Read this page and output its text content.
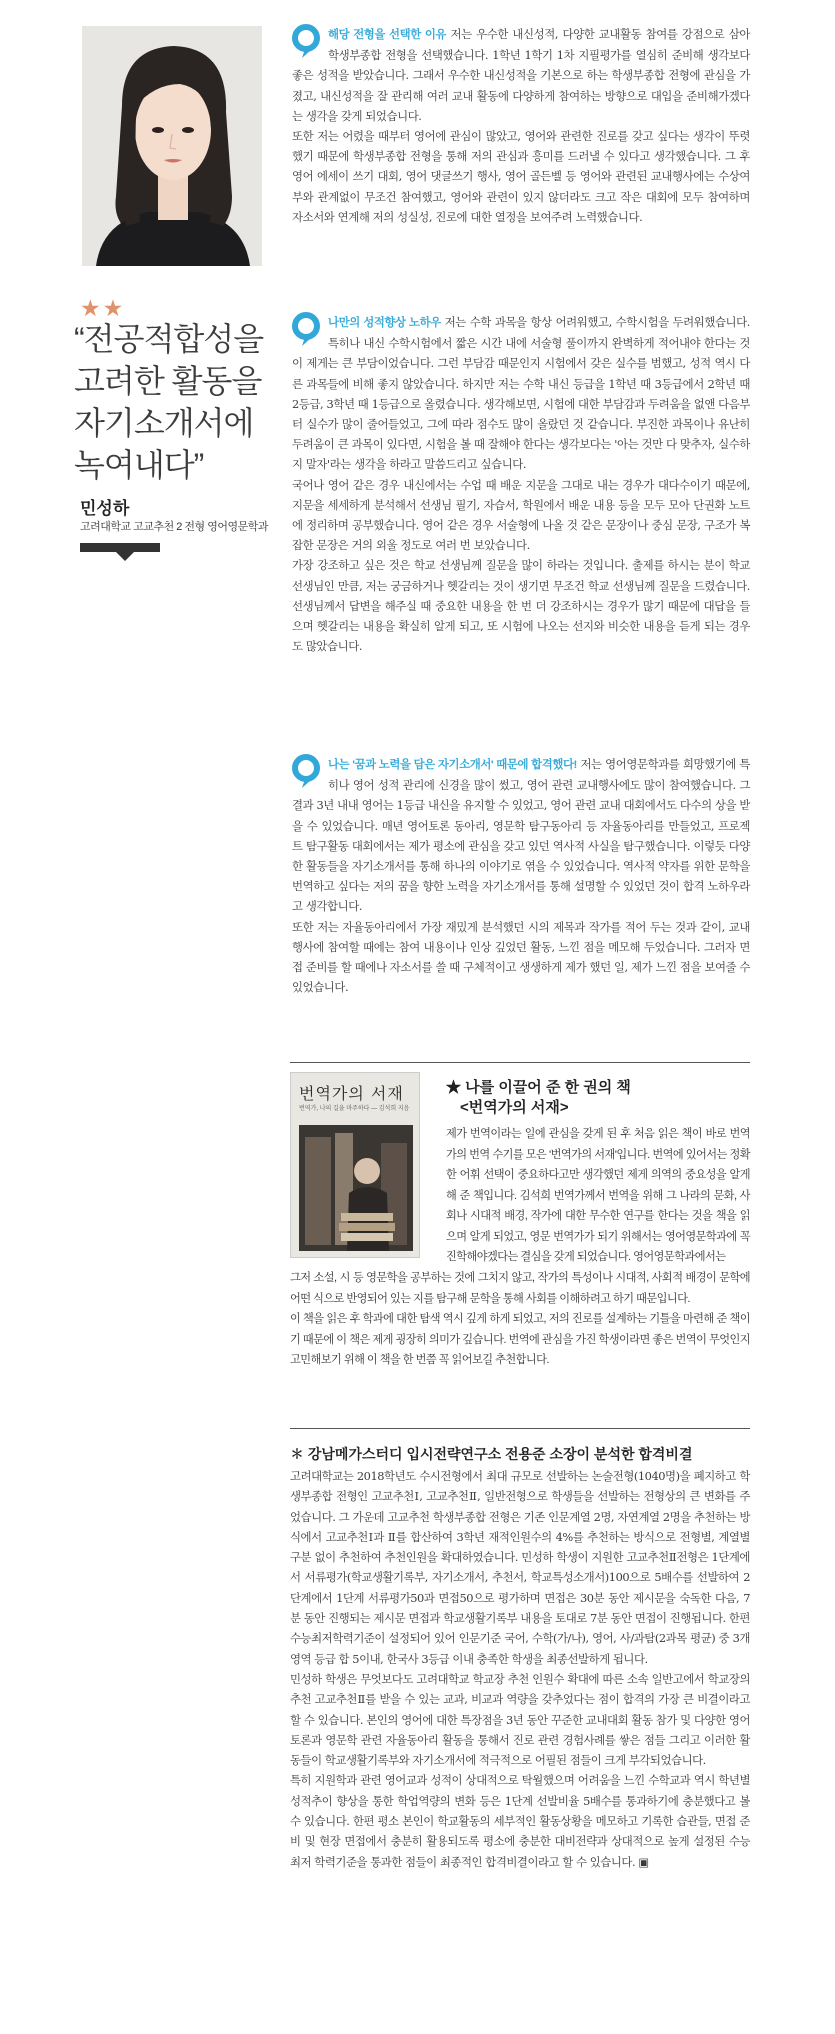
★★
“전공적합성을 고려한 활동을 자기소개서에 녹여내다”
민성하
고려대학교 고교추천 2 전형 영어영문학과

해당 전형을 선택한 이유 저는 우수한 내신성적, 다양한 교내활동 참여를 강점으로 삼아 학생부종합 전형을 선택했습니다. 1학년 1학기 1차 지필평가를 열심히 준비해 생각보다 좋은 성적을 받았습니다. 그래서 우수한 내신성적을 기본으로 하는 학생부종합 전형에 관심을 가졌고, 내신성적을 잘 관리해 여러 교내 활동에 다양하게 참여하는 방향으로 대입을 준비해가겠다는 생각을 갖게 되었습니다.

또한 저는 어렸을 때부터 영어에 관심이 많았고, 영어와 관련한 진로를 갖고 싶다는 생각이 뚜렷했기 때문에 학생부종합 전형을 통해 저의 관심과 흥미를 드러낼 수 있다고 생각했습니다. 그 후 영어 에세이 쓰기 대회, 영어 댓글쓰기 행사, 영어 골든벨 등 영어와 관련된 교내행사에는 수상여부와 관계없이 무조건 참여했고, 영어와 관련이 있지 않더라도 크고 작은 대회에 모두 참여하며 자소서와 연계해 저의 성실성, 진로에 대한 열정을 보여주려 노력했습니다.

나만의 성적향상 노하우 저는 수학 과목을 항상 어려워했고, 수학시험을 두려워했습니다. 특히나 내신 수학시험에서 짧은 시간 내에 서술형 풀이까지 완벽하게 적어내야 한다는 것이 제게는 큰 부담이었습니다. 그런 부담감 때문인지 시험에서 갖은 실수를 범했고, 성적 역시 다른 과목들에 비해 좋지 않았습니다. 하지만 저는 수학 내신 등급을 1학년 때 3등급에서 2학년 때 2등급, 3학년 때 1등급으로 올렸습니다. 생각해보면, 시험에 대한 부담감과 두려움을 없앤 다음부터 실수가 많이 줄어들었고, 그에 따라 점수도 많이 올랐던 것 같습니다. 부진한 과목이나 유난히 두려움이 큰 과목이 있다면, 시험을 볼 때 잘해야 한다는 생각보다는 '아는 것만 다 맞추자, 실수하지 말자'라는 생각을 하라고 말씀드리고 싶습니다.

국어나 영어 같은 경우 내신에서는 수업 때 배운 지문을 그대로 내는 경우가 대다수이기 때문에, 지문을 세세하게 분석해서 선생님 필기, 자습서, 학원에서 배운 내용 등을 모두 모아 단권화 노트에 정리하며 공부했습니다. 영어 같은 경우 서술형에 나올 것 같은 문장이나 중심 문장, 구조가 복잡한 문장은 거의 외울 정도로 여러 번 보았습니다.

가장 강조하고 싶은 것은 학교 선생님께 질문을 많이 하라는 것입니다. 출제를 하시는 분이 학교 선생님인 만큼, 저는 궁금하거나 헷갈리는 것이 생기면 무조건 학교 선생님께 질문을 드렸습니다. 선생님께서 답변을 해주실 때 중요한 내용을 한 번 더 강조하시는 경우가 많기 때문에 대답을 들으며 헷갈리는 내용을 확실히 알게 되고, 또 시험에 나오는 선지와 비슷한 내용을 듣게 되는 경우도 많았습니다.

나는 '꿈과 노력을 담은 자기소개서' 때문에 합격했다! 저는 영어영문학과를 희망했기에 특히나 영어 성적 관리에 신경을 많이 썼고, 영어 관련 교내행사에도 많이 참여했습니다. 그 결과 3년 내내 영어는 1등급 내신을 유지할 수 있었고, 영어 관련 교내 대회에서도 다수의 상을 받을 수 있었습니다. 매년 영어토론 동아리, 영문학 탐구동아리 등 자율동아리를 만들었고, 프로젝트 탐구활동 대회에서는 제가 평소에 관심을 갖고 있던 역사적 사실을 탐구했습니다. 이렇듯 다양한 활동들을 자기소개서를 통해 하나의 이야기로 엮을 수 있었습니다. 역사적 약자를 위한 문학을 번역하고 싶다는 저의 꿈을 향한 노력을 자기소개서를 통해 설명할 수 있었던 것이 합격 노하우라고 생각합니다.

또한 저는 자율동아리에서 가장 재밌게 분석했던 시의 제목과 작가를 적어 두는 것과 같이, 교내 행사에 참여할 때에는 참여 내용이나 인상 깊었던 활동, 느낀 점을 메모해 두었습니다. 그러자 면접 준비를 할 때에나 자소서를 쓸 때 구체적이고 생생하게 제가 했던 일, 제가 느낀 점을 보여줄 수 있었습니다.

번역가의 서재
번역가, 나의 길을 마주하다 — 김석희 지음
★ 나를 이끌어 준 한 권의 책
<번역가의 서재>
제가 번역이라는 일에 관심을 갖게 된 후 처음 읽은 책이 바로 번역가의 번역 수기를 모은 '번역가의 서재'입니다. 번역에 있어서는 정확한 어휘 선택이 중요하다고만 생각했던 제게 의역의 중요성을 알게 해 준 책입니다. 김석희 번역가께서 번역을 위해 그 나라의 문화, 사회나 시대적 배경, 작가에 대한 무수한 연구를 한다는 것을 책을 읽으며 알게 되었고, 영문 번역가가 되기 위해서는 영어영문학과에 꼭 진학해야겠다는 결심을 갖게 되었습니다. 영어영문학과에서는
그저 소설, 시 등 영문학을 공부하는 것에 그치지 않고, 작가의 특성이나 시대적, 사회적 배경이 문학에 어떤 식으로 반영되어 있는 지를 탐구해 문학을 통해 사회를 이해하려고 하기 때문입니다.
이 책을 읽은 후 학과에 대한 탐색 역시 깊게 하게 되었고, 저의 진로를 설계하는 기틀을 마련해 준 책이기 때문에 이 책은 제게 굉장히 의미가 깊습니다. 번역에 관심을 가진 학생이라면 좋은 번역이 무엇인지 고민해보기 위해 이 책을 한 번쯤 꼭 읽어보길 추천합니다.
✽ 강남메가스터디 입시전략연구소 전용준 소장이 분석한 합격비결

고려대학교는 2018학년도 수시전형에서 최대 규모로 선발하는 논술전형(1040명)을 폐지하고 학생부종합 전형인 고교추천Ⅰ, 고교추천Ⅱ, 일반전형으로 학생들을 선발하는 전형상의 큰 변화를 주었습니다. 그 가운데 고교추천 학생부종합 전형은 기존 인문계열 2명, 자연계열 2명을 추천하는 방식에서 고교추천Ⅰ과 Ⅱ를 합산하여 3학년 재적인원수의 4%를 추천하는 방식으로 전형별, 계열별 구분 없이 추천하여 추천인원을 확대하였습니다. 민성하 학생이 지원한 고교추천Ⅱ전형은 1단계에서 서류평가(학교생활기록부, 자기소개서, 추천서, 학교특성소개서)100으로 5배수를 선발하여 2단계에서 1단계 서류평가50과 면접50으로 평가하며 면접은 30분 동안 제시문을 숙독한 다음, 7분 동안 진행되는 제시문 면접과 학교생활기록부 내용을 토대로 7분 동안 면접이 진행됩니다. 한편 수능최저학력기준이 설정되어 있어 인문기준 국어, 수학(가/나), 영어, 사/과탐(2과목 평균) 중 3개영역 등급 합 5이내, 한국사 3등급 이내 충족한 학생을 최종선발하게 됩니다.

민성하 학생은 무엇보다도 고려대학교 학교장 추천 인원수 확대에 따른 소속 일반고에서 학교장의 추천 고교추천Ⅱ를 받을 수 있는 교과, 비교과 역량을 갖추었다는 점이 합격의 가장 큰 비결이라고 할 수 있습니다. 본인의 영어에 대한 특장점을 3년 동안 꾸준한 교내대회 활동 참가 및 다양한 영어토론과 영문학 관련 자율동아리 활동을 통해서 진로 관련 경험사례를 쌓은 점들 그리고 이러한 활동들이 학교생활기록부와 자기소개서에 적극적으로 어필된 점들이 크게 부각되었습니다.

특히 지원학과 관련 영어교과 성적이 상대적으로 탁월했으며 어려움을 느낀 수학교과 역시 학년별 성적추이 향상을 통한 학업역량의 변화 등은 1단계 선발비율 5배수를 통과하기에 충분했다고 볼 수 있습니다. 한편 평소 본인이 학교활동의 세부적인 활동상황을 메모하고 기록한 습관들, 면접 준비 및 현장 면접에서 충분히 활용되도록 평소에 충분한 대비전략과 상대적으로 높게 설정된 수능최저 학력기준을 통과한 점들이 최종적인 합격비결이라고 할 수 있습니다. ▣
